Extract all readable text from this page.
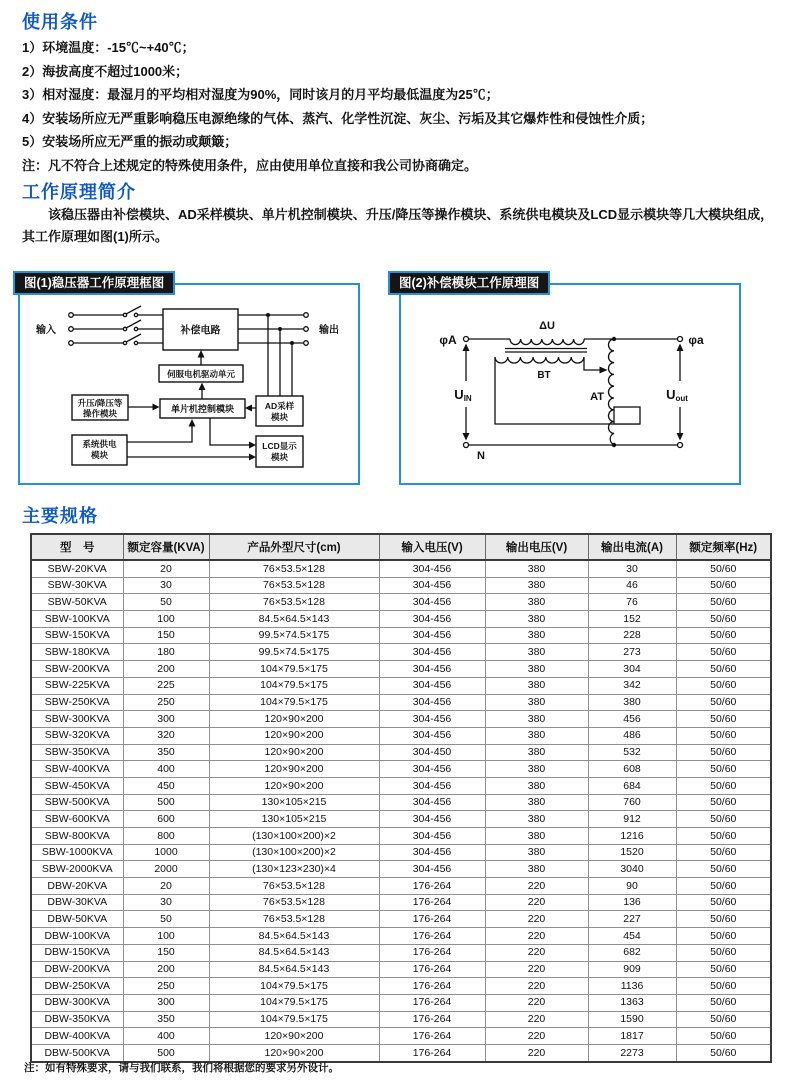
使用条件
1）环境温度：-15℃~+40℃；
2）海拔高度不超过1000米；
3）相对湿度：最湿月的平均相对湿度为90%，同时该月的月平均最低温度为25℃；
4）安装场所应无严重影响稳压电源绝缘的气体、蒸汽、化学性沉淀、灰尘、污垢及其它爆炸性和侵蚀性介质；
5）安装场所应无严重的振动或颠簸；
注：凡不符合上述规定的特殊使用条件，应由使用单位直接和我公司协商确定。
工作原理简介

该稳压器由补偿模块、AD采样模块、单片机控制模块、升压/降压等操作模块、系统供电模块及LCD显示模块等几大模块组成，其工作原理如图(1)所示。

图(1)稳压器工作原理框图
输入	输出
补偿电路
伺服电机驱动单元
单片机控制模块
升压/降压等
操作模块
AD采样
模块
系统供电
模块
LCD显示
模块
图(2)补偿模块工作原理图
φA	φa
ΔU
BT
AT
N
UIN	Uout
主要规格
型　号	额定容量(KVA)	产品外型尺寸(cm)	输入电压(V)	输出电压(V)	输出电流(A)	额定频率(Hz)
SBW-20KVA	20	76×53.5×128	304-456	380	30	50/60
SBW-30KVA	30	76×53.5×128	304-456	380	46	50/60
SBW-50KVA	50	76×53.5×128	304-456	380	76	50/60
SBW-100KVA	100	84.5×64.5×143	304-456	380	152	50/60
SBW-150KVA	150	99.5×74.5×175	304-456	380	228	50/60
SBW-180KVA	180	99.5×74.5×175	304-456	380	273	50/60
SBW-200KVA	200	104×79.5×175	304-456	380	304	50/60
SBW-225KVA	225	104×79.5×175	304-456	380	342	50/60
SBW-250KVA	250	104×79.5×175	304-456	380	380	50/60
SBW-300KVA	300	120×90×200	304-456	380	456	50/60
SBW-320KVA	320	120×90×200	304-456	380	486	50/60
SBW-350KVA	350	120×90×200	304-450	380	532	50/60
SBW-400KVA	400	120×90×200	304-456	380	608	50/60
SBW-450KVA	450	120×90×200	304-456	380	684	50/60
SBW-500KVA	500	130×105×215	304-456	380	760	50/60
SBW-600KVA	600	130×105×215	304-456	380	912	50/60
SBW-800KVA	800	(130×100×200)×2	304-456	380	1216	50/60
SBW-1000KVA	1000	(130×100×200)×2	304-456	380	1520	50/60
SBW-2000KVA	2000	(130×123×230)×4	304-456	380	3040	50/60
DBW-20KVA	20	76×53.5×128	176-264	220	90	50/60
DBW-30KVA	30	76×53.5×128	176-264	220	136	50/60
DBW-50KVA	50	76×53.5×128	176-264	220	227	50/60
DBW-100KVA	100	84.5×64.5×143	176-264	220	454	50/60
DBW-150KVA	150	84.5×64.5×143	176-264	220	682	50/60
DBW-200KVA	200	84.5×64.5×143	176-264	220	909	50/60
DBW-250KVA	250	104×79.5×175	176-264	220	1136	50/60
DBW-300KVA	300	104×79.5×175	176-264	220	1363	50/60
DBW-350KVA	350	104×79.5×175	176-264	220	1590	50/60
DBW-400KVA	400	120×90×200	176-264	220	1817	50/60
DBW-500KVA	500	120×90×200	176-264	220	2273	50/60
注：如有特殊要求，请与我们联系，我们将根据您的要求另外设计。
